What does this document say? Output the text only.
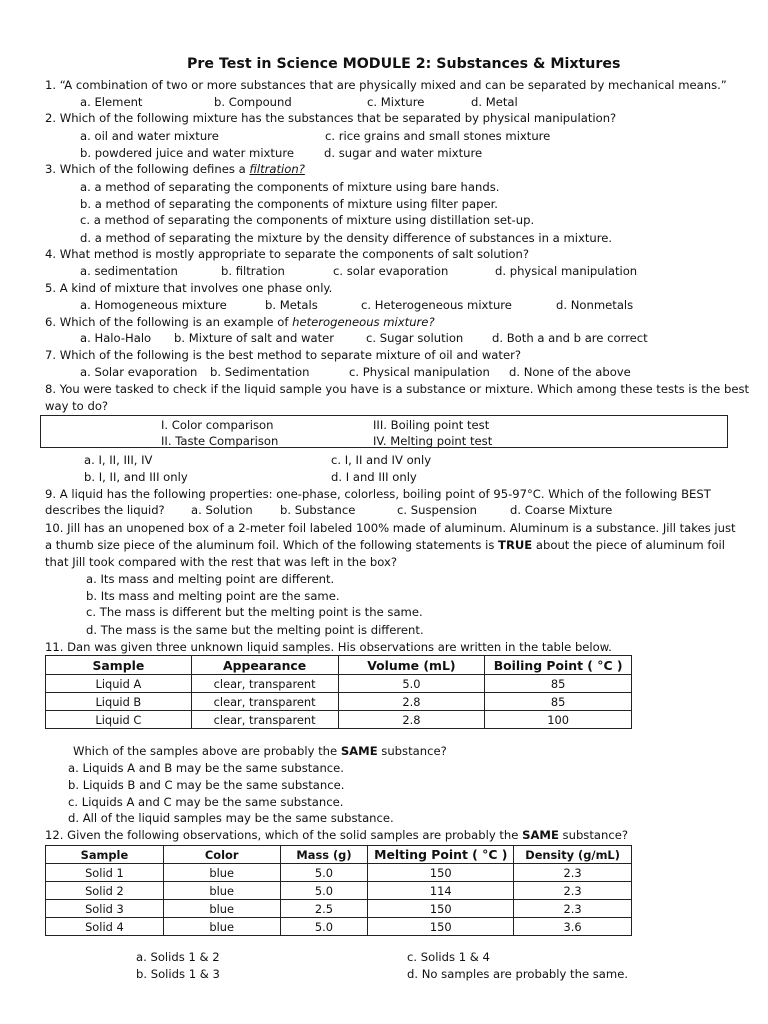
Pre Test in Science MODULE 2: Substances & Mixtures
1. “A combination of two or more substances that are physically mixed and can be separated by mechanical means.”
a. Element	b. Compound	c. Mixture	d. Metal
2. Which of the following mixture has the substances that be separated by physical manipulation?
a. oil and water mixture	c. rice grains and small stones mixture
b. powdered juice and water mixture	d. sugar and water mixture
3. Which of the following defines a filtration?
a. a method of separating the components of mixture using bare hands.
b. a method of separating the components of mixture using filter paper.
c. a method of separating the components of mixture using distillation set-up.
d. a method of separating the mixture by the density difference of substances in a mixture.
4. What method is mostly appropriate to separate the components of salt solution?
a. sedimentation	b. filtration	c. solar evaporation	d. physical manipulation
5. A kind of mixture that involves one phase only.
a. Homogeneous mixture	b. Metals	c. Heterogeneous mixture	d. Nonmetals
6. Which of the following is an example of heterogeneous mixture?
a. Halo-Halo b. Mixture of salt and water	c. Sugar solution d. Both a and b are correct
7. Which of the following is the best method to separate mixture of oil and water?
a. Solar evaporation b. Sedimentation	c. Physical manipulation d. None of the above
8. You were tasked to check if the liquid sample you have is a substance or mixture. Which among these tests is the best
way to do?
I. Color comparison	III. Boiling point test
II. Taste Comparison	IV. Melting point test
a. I, II, III, IV	c. I, II and IV only
b. I, II, and III only	d. I and III only
9. A liquid has the following properties: one-phase, colorless, boiling point of 95-97°C. Which of the following BEST
describes the liquid? a. Solution b. Substance	c. Suspension	d. Coarse Mixture
10. Jill has an unopened box of a 2-meter foil labeled 100% made of aluminum. Aluminum is a substance. Jill takes just
a thumb size piece of the aluminum foil. Which of the following statements is TRUE about the piece of aluminum foil
that Jill took compared with the rest that was left in the box?
a. Its mass and melting point are different.
b. Its mass and melting point are the same.
c. The mass is different but the melting point is the same.
d. The mass is the same but the melting point is different.
11. Dan was given three unknown liquid samples. His observations are written in the table below.
Sample	Appearance	Volume (mL)	Boiling Point ( °C )
Liquid A	clear, transparent	5.0	85
Liquid B	clear, transparent	2.8	85
Liquid C	clear, transparent	2.8	100
Which of the samples above are probably the SAME substance?
a. Liquids A and B may be the same substance.
b. Liquids B and C may be the same substance.
c. Liquids A and C may be the same substance.
d. All of the liquid samples may be the same substance.
12. Given the following observations, which of the solid samples are probably the SAME substance?
Sample	Color	Mass (g)	Melting Point ( °C )	Density (g/mL)
Solid 1	blue	5.0	150	2.3
Solid 2	blue	5.0	114	2.3
Solid 3	blue	2.5	150	2.3
Solid 4	blue	5.0	150	3.6
a. Solids 1 & 2	c. Solids 1 & 4
b. Solids 1 & 3	d. No samples are probably the same.
